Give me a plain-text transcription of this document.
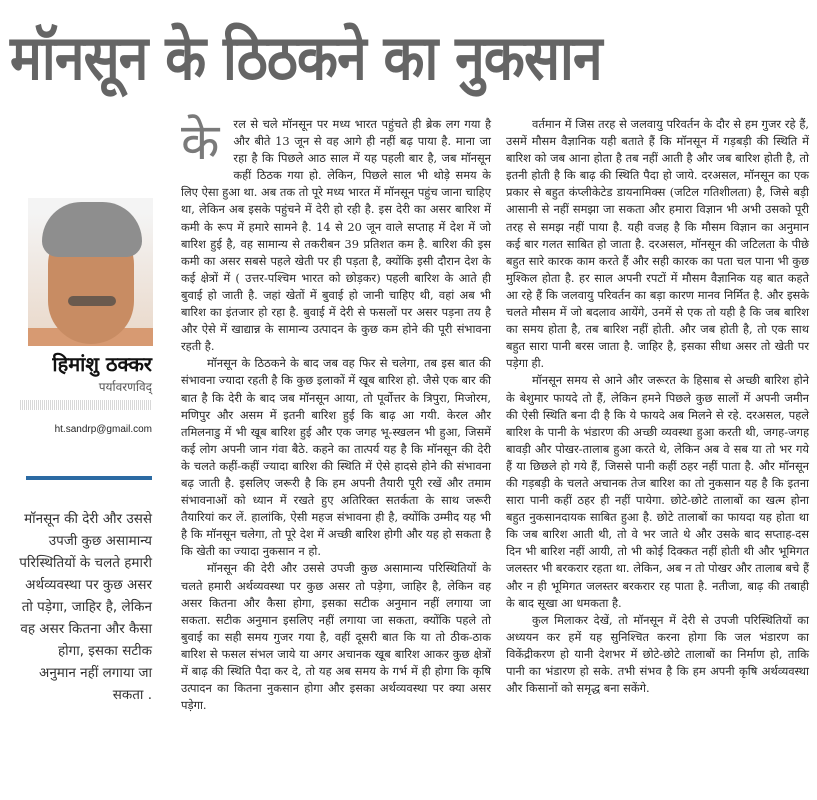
मॉनसून के ठिठकने का नुकसान
हिमांशु ठक्कर
पर्यावरणविद्
ht.sandrp@gmail.com
मॉनसून की देरी और उससे उपजी कुछ असामान्य परिस्थितियों के चलते हमारी अर्थव्यवस्था पर कुछ असर तो पड़ेगा, जाहिर है, लेकिन वह असर कितना और कैसा होगा, इसका सटीक अनुमान नहीं लगाया जा सकता .
के	रल से चले मॉनसून पर मध्य भारत पहुंचते ही ब्रेक लग गया है और बीते 13 जून से वह आगे ही नहीं बढ़ पाया है. माना जा रहा है कि पिछले आठ साल में यह पहली बार है, जब मॉनसून कहीं ठिठक गया हो. लेकिन, पिछले साल भी थोड़े समय के लिए ऐसा हुआ था. अब तक तो पूरे मध्य भारत में मॉनसून पहुंच जाना चाहिए था, लेकिन अब इसके पहुंचने में देरी हो रही है. इस देरी का असर बारिश में कमी के रूप में हमारे सामने है. 14 से 20 जून वाले सप्ताह में देश में जो बारिश हुई है, वह सामान्य से तकरीबन 39 प्रतिशत कम है. बारिश की इस कमी का असर सबसे पहले खेती पर ही पड़ता है, क्योंकि इसी दौरान देश के कई क्षेत्रों में ( उत्तर-पश्चिम भारत को छोड़कर) पहली बारिश के आते ही बुवाई हो जाती है. जहां खेतों में बुवाई हो जानी चाहिए थी, वहां अब भी बारिश का इंतजार हो रहा है. बुवाई में देरी से फसलों पर असर पड़ना तय है और ऐसे में खाद्यान्न के सामान्य उत्पादन के कुछ कम होने की पूरी संभावना रहती है.

मॉनसून के ठिठकने के बाद जब वह फिर से चलेगा, तब इस बात की संभावना ज्यादा रहती है कि कुछ इलाकों में खूब बारिश हो. जैसे एक बार की बात है कि देरी के बाद जब मॉनसून आया, तो पूर्वोत्तर के त्रिपुरा, मिजोरम, मणिपुर और असम में इतनी बारिश हुई कि बाढ़ आ गयी. केरल और तमिलनाडु में भी खूब बारिश हुई और एक जगह भू-स्खलन भी हुआ, जिसमें कई लोग अपनी जान गंवा बैठे. कहने का तात्पर्य यह है कि मॉनसून की देरी के चलते कहीं-कहीं ज्यादा बारिश की स्थिति में ऐसे हादसे होने की संभावना बढ़ जाती है. इसलिए जरूरी है कि हम अपनी तैयारी पूरी रखें और तमाम संभावनाओं को ध्यान में रखते हुए अतिरिक्त सतर्कता के साथ जरूरी तैयारियां कर लें. हालांकि, ऐसी महज संभावना ही है, क्योंकि उम्मीद यह भी है कि मॉनसून चलेगा, तो पूरे देश में अच्छी बारिश होगी और यह हो सकता है कि खेती का ज्यादा नुकसान न हो.

मॉनसून की देरी और उससे उपजी कुछ असामान्य परिस्थितियों के चलते हमारी अर्थव्यवस्था पर कुछ असर तो पड़ेगा, जाहिर है, लेकिन वह असर कितना और कैसा होगा, इसका सटीक अनुमान नहीं लगाया जा सकता. सटीक अनुमान इसलिए नहीं लगाया जा सकता, क्योंकि पहले तो बुवाई का सही समय गुजर गया है, वहीं दूसरी बात कि या तो ठीक-ठाक बारिश से फसल संभल जाये या अगर अचानक खूब बारिश आकर कुछ क्षेत्रों में बाढ़ की स्थिति पैदा कर दे, तो यह अब समय के गर्भ में ही होगा कि कृषि उत्पादन का कितना नुकसान होगा और इसका अर्थव्यवस्था पर क्या असर पड़ेगा.

वर्तमान में जिस तरह से जलवायु परिवर्तन के दौर से हम गुजर रहे हैं, उसमें मौसम वैज्ञानिक यही बताते हैं कि मॉनसून में गड़बड़ी की स्थिति में बारिश को जब आना होता है तब नहीं आती है और जब बारिश होती है, तो इतनी होती है कि बाढ़ की स्थिति पैदा हो जाये. दरअसल, मॉनसून का एक प्रकार से बहुत कंप्लीकेटेड डायनामिक्स (जटिल गतिशीलता) है, जिसे बड़ी आसानी से नहीं समझा जा सकता और हमारा विज्ञान भी अभी उसको पूरी तरह से समझ नहीं पाया है. यही वजह है कि मौसम विज्ञान का अनुमान कई बार गलत साबित हो जाता है. दरअसल, मॉनसून की जटिलता के पीछे बहुत सारे कारक काम करते हैं और सही कारक का पता चल पाना भी कुछ मुश्किल होता है. हर साल अपनी रपटों में मौसम वैज्ञानिक यह बात कहते आ रहे हैं कि जलवायु परिवर्तन का बड़ा कारण मानव निर्मित है. और इसके चलते मौसम में जो बदलाव आयेंगे, उनमें से एक तो यही है कि जब बारिश का समय होता है, तब बारिश नहीं होती. और जब होती है, तो एक साथ बहुत सारा पानी बरस जाता है. जाहिर है, इसका सीधा असर तो खेती पर पड़ेगा ही.

मॉनसून समय से आने और जरूरत के हिसाब से अच्छी बारिश होने के बेशुमार फायदे तो हैं, लेकिन हमने पिछले कुछ सालों में अपनी जमीन की ऐसी स्थिति बना दी है कि ये फायदे अब मिलने से रहे. दरअसल, पहले बारिश के पानी के भंडारण की अच्छी व्यवस्था हुआ करती थी, जगह-जगह बावड़ी और पोखर-तालाब हुआ करते थे, लेकिन अब वे सब या तो भर गये हैं या छिछले हो गये हैं, जिससे पानी कहीं ठहर नहीं पाता है. और मॉनसून की गड़बड़ी के चलते अचानक तेज बारिश का तो नुकसान यह है कि इतना सारा पानी कहीं ठहर ही नहीं पायेगा. छोटे-छोटे तालाबों का खत्म होना बहुत नुकसानदायक साबित हुआ है. छोटे तालाबों का फायदा यह होता था कि जब बारिश आती थी, तो वे भर जाते थे और उसके बाद सप्ताह-दस दिन भी बारिश नहीं आयी, तो भी कोई दिक्कत नहीं होती थी और भूमिगत जलस्तर भी बरकरार रहता था. लेकिन, अब न तो पोखर और तालाब बचे हैं और न ही भूमिगत जलस्तर बरकरार रह पाता है. नतीजा, बाढ़ की तबाही के बाद सूखा आ धमकता है.

कुल मिलाकर देखें, तो मॉनसून में देरी से उपजी परिस्थितियों का अध्ययन कर हमें यह सुनिश्चित करना होगा कि जल भंडारण का विकेंद्रीकरण हो यानी देशभर में छोटे-छोटे तालाबों का निर्माण हो, ताकि पानी का भंडारण हो सके. तभी संभव है कि हम अपनी कृषि अर्थव्यवस्था और किसानों को समृद्ध बना सकेंगे.
